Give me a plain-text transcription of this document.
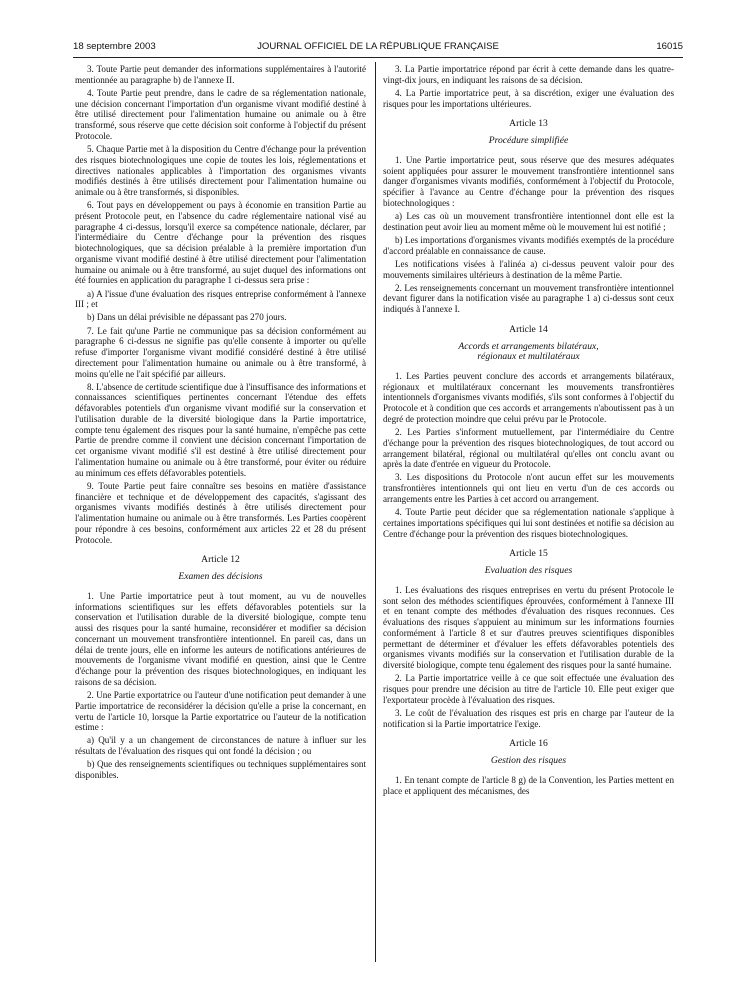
18 septembre 2003	JOURNAL OFFICIEL DE LA RÉPUBLIQUE FRANÇAISE	16015

3. Toute Partie peut demander des informations supplémentaires à l'autorité mentionnée au paragraphe b) de l'annexe II.

4. Toute Partie peut prendre, dans le cadre de sa réglementation nationale, une décision concernant l'importation d'un organisme vivant modifié destiné à être utilisé directement pour l'alimentation humaine ou animale ou à être transformé, sous réserve que cette décision soit conforme à l'objectif du présent Protocole.

5. Chaque Partie met à la disposition du Centre d'échange pour la prévention des risques biotechnologiques une copie de toutes les lois, réglementations et directives nationales applicables à l'importation des organismes vivants modifiés destinés à être utilisés directement pour l'alimentation humaine ou animale ou à être transformés, si disponibles.

6. Tout pays en développement ou pays à économie en transition Partie au présent Protocole peut, en l'absence du cadre réglementaire national visé au paragraphe 4 ci-dessus, lorsqu'il exerce sa compétence nationale, déclarer, par l'intermédiaire du Centre d'échange pour la prévention des risques biotechnologiques, que sa décision préalable à la première importation d'un organisme vivant modifié destiné à être utilisé directement pour l'alimentation humaine ou animale ou à être transformé, au sujet duquel des informations ont été fournies en application du paragraphe 1 ci-dessus sera prise :

a) A l'issue d'une évaluation des risques entreprise conformément à l'annexe III ; et

b) Dans un délai prévisible ne dépassant pas 270 jours.

7. Le fait qu'une Partie ne communique pas sa décision conformément au paragraphe 6 ci-dessus ne signifie pas qu'elle consente à importer ou qu'elle refuse d'importer l'organisme vivant modifié considéré destiné à être utilisé directement pour l'alimentation humaine ou animale ou à être transformé, à moins qu'elle ne l'ait spécifié par ailleurs.

8. L'absence de certitude scientifique due à l'insuffisance des informations et connaissances scientifiques pertinentes concernant l'étendue des effets défavorables potentiels d'un organisme vivant modifié sur la conservation et l'utilisation durable de la diversité biologique dans la Partie importatrice, compte tenu également des risques pour la santé humaine, n'empêche pas cette Partie de prendre comme il convient une décision concernant l'importation de cet organisme vivant modifié s'il est destiné à être utilisé directement pour l'alimentation humaine ou animale ou à être transformé, pour éviter ou réduire au minimum ces effets défavorables potentiels.

9. Toute Partie peut faire connaître ses besoins en matière d'assistance financière et technique et de développement des capacités, s'agissant des organismes vivants modifiés destinés à être utilisés directement pour l'alimentation humaine ou animale ou à être transformés. Les Parties coopèrent pour répondre à ces besoins, conformément aux articles 22 et 28 du présent Protocole.

Article 12

Examen des décisions

1. Une Partie importatrice peut à tout moment, au vu de nouvelles informations scientifiques sur les effets défavorables potentiels sur la conservation et l'utilisation durable de la diversité biologique, compte tenu aussi des risques pour la santé humaine, reconsidérer et modifier sa décision concernant un mouvement transfrontière intentionnel. En pareil cas, dans un délai de trente jours, elle en informe les auteurs de notifications antérieures de mouvements de l'organisme vivant modifié en question, ainsi que le Centre d'échange pour la prévention des risques biotechnologiques, en indiquant les raisons de sa décision.

2. Une Partie exportatrice ou l'auteur d'une notification peut demander à une Partie importatrice de reconsidérer la décision qu'elle a prise la concernant, en vertu de l'article 10, lorsque la Partie exportatrice ou l'auteur de la notification estime :

a) Qu'il y a un changement de circonstances de nature à influer sur les résultats de l'évaluation des risques qui ont fondé la décision ; ou

b) Que des renseignements scientifiques ou techniques supplémentaires sont disponibles.

3. La Partie importatrice répond par écrit à cette demande dans les quatre-vingt-dix jours, en indiquant les raisons de sa décision.

4. La Partie importatrice peut, à sa discrétion, exiger une évaluation des risques pour les importations ultérieures.

Article 13

Procédure simplifiée

1. Une Partie importatrice peut, sous réserve que des mesures adéquates soient appliquées pour assurer le mouvement transfrontière intentionnel sans danger d'organismes vivants modifiés, conformément à l'objectif du Protocole, spécifier à l'avance au Centre d'échange pour la prévention des risques biotechnologiques :

a) Les cas où un mouvement transfrontière intentionnel dont elle est la destination peut avoir lieu au moment même où le mouvement lui est notifié ;

b) Les importations d'organismes vivants modifiés exemptés de la procédure d'accord préalable en connaissance de cause.

Les notifications visées à l'alinéa a) ci-dessus peuvent valoir pour des mouvements similaires ultérieurs à destination de la même Partie.

2. Les renseignements concernant un mouvement transfrontière intentionnel devant figurer dans la notification visée au paragraphe 1 a) ci-dessus sont ceux indiqués à l'annexe I.

Article 14

Accords et arrangements bilatéraux,

régionaux et multilatéraux

1. Les Parties peuvent conclure des accords et arrangements bilatéraux, régionaux et multilatéraux concernant les mouvements transfrontières intentionnels d'organismes vivants modifiés, s'ils sont conformes à l'objectif du Protocole et à condition que ces accords et arrangements n'aboutissent pas à un degré de protection moindre que celui prévu par le Protocole.

2. Les Parties s'informent mutuellement, par l'intermédiaire du Centre d'échange pour la prévention des risques biotechnologiques, de tout accord ou arrangement bilatéral, régional ou multilatéral qu'elles ont conclu avant ou après la date d'entrée en vigueur du Protocole.

3. Les dispositions du Protocole n'ont aucun effet sur les mouvements transfrontières intentionnels qui ont lieu en vertu d'un de ces accords ou arrangements entre les Parties à cet accord ou arrangement.

4. Toute Partie peut décider que sa réglementation nationale s'applique à certaines importations spécifiques qui lui sont destinées et notifie sa décision au Centre d'échange pour la prévention des risques biotechnologiques.

Article 15

Evaluation des risques

1. Les évaluations des risques entreprises en vertu du présent Protocole le sont selon des méthodes scientifiques éprouvées, conformément à l'annexe III et en tenant compte des méthodes d'évaluation des risques reconnues. Ces évaluations des risques s'appuient au minimum sur les informations fournies conformément à l'article 8 et sur d'autres preuves scientifiques disponibles permettant de déterminer et d'évaluer les effets défavorables potentiels des organismes vivants modifiés sur la conservation et l'utilisation durable de la diversité biologique, compte tenu également des risques pour la santé humaine.

2. La Partie importatrice veille à ce que soit effectuée une évaluation des risques pour prendre une décision au titre de l'article 10. Elle peut exiger que l'exportateur procède à l'évaluation des risques.

3. Le coût de l'évaluation des risques est pris en charge par l'auteur de la notification si la Partie importatrice l'exige.

Article 16

Gestion des risques

1. En tenant compte de l'article 8 g) de la Convention, les Parties mettent en place et appliquent des mécanismes, des
